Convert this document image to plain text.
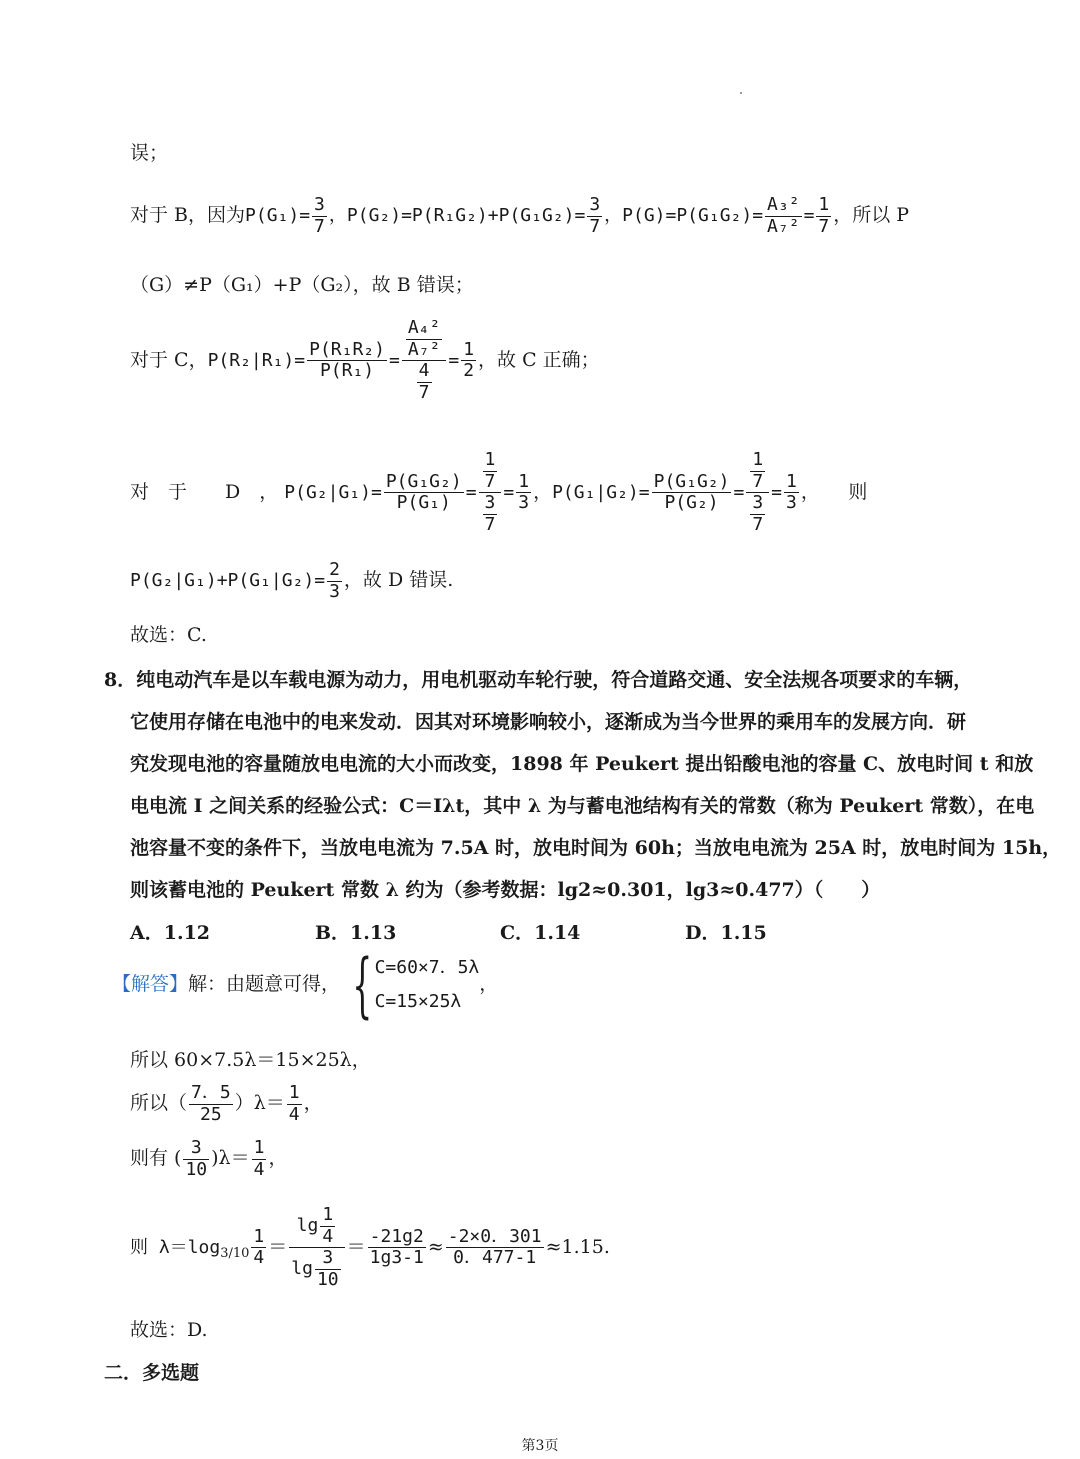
误；
对于 B，因为$P(G_1)= \frac{3}{7}$ ，$P(G_2)=P(R_1G_2)+P(G_1G_2)= \frac{3}{7}$ ，$P(G)=P(G_1G_2)= \frac{\text{A₃²}}{\text{A₇²}} = \frac{1}{7}$ ，所以 P
（G）≠P（G₁）+P（G₂），故 B 错误；
对于 C，$P(R_2|R_1)= \frac{\text{P(R₁R₂)}}{\text{P(R₁)}} = \frac{\frac{\text{A₄²}}{\text{A₇²}}}{\frac{4}{7}} = \frac{1}{2}$ ，故 C 正确；
对　于　　D　， $P(G_2|G_1)= \frac{\text{P(G₁G₂)}}{\text{P(G₁)}} = \frac{\frac{1}{7}}{\frac{3}{7}} = \frac{1}{3}$ ，$P(G_1|G_2)= \frac{\text{P(G₁G₂)}}{\text{P(G₂)}} = \frac{\frac{1}{7}}{\frac{3}{7}} = \frac{1}{3}$ ，　　则
$P(G_2|G_1)+P(G_1|G_2)= \frac{2}{3}$ ，故 D 错误.
故选：C.
8．纯电动汽车是以车载电源为动力，用电机驱动车轮行驶，符合道路交通、安全法规各项要求的车辆，
它使用存储在电池中的电来发动．因其对环境影响较小，逐渐成为当今世界的乘用车的发展方向．研
究发现电池的容量随放电电流的大小而改变，1898 年 Peukert 提出铅酸电池的容量 C、放电时间 t 和放
电电流 I 之间关系的经验公式：C＝Iλt，其中 λ 为与蓄电池结构有关的常数（称为 Peukert 常数），在电
池容量不变的条件下，当放电电流为 7.5A 时，放电时间为 60h；当放电电流为 25A 时，放电时间为 15h，
则该蓄电池的 Peukert 常数 λ 约为（参考数据：lg2≈0.301，lg3≈0.477）（　　）
A．1.12	B．1.13	C．1.14	D．1.15
【解答】解：由题意可得， { C=60×7．5λ
C=15×25λ
，
所以 60×7.5λ＝15×25λ，
所以（ $\frac{7.5}{25} )\lambda= \frac{1}{4}$ ，
则有 ( $\frac{3}{10} )\lambda= \frac{1}{4}$ ，
则 $\lambda=\log_{3/10} \frac{1}{4} = \frac{\lg \frac{1}{4}}{\lg \frac{3}{10}} = \frac{-21g2}{1g3-1} \approx \frac{-2\times 0.301}{0.477-1} \approx 1.15$.
故选：D.
二．多选题
第3页
